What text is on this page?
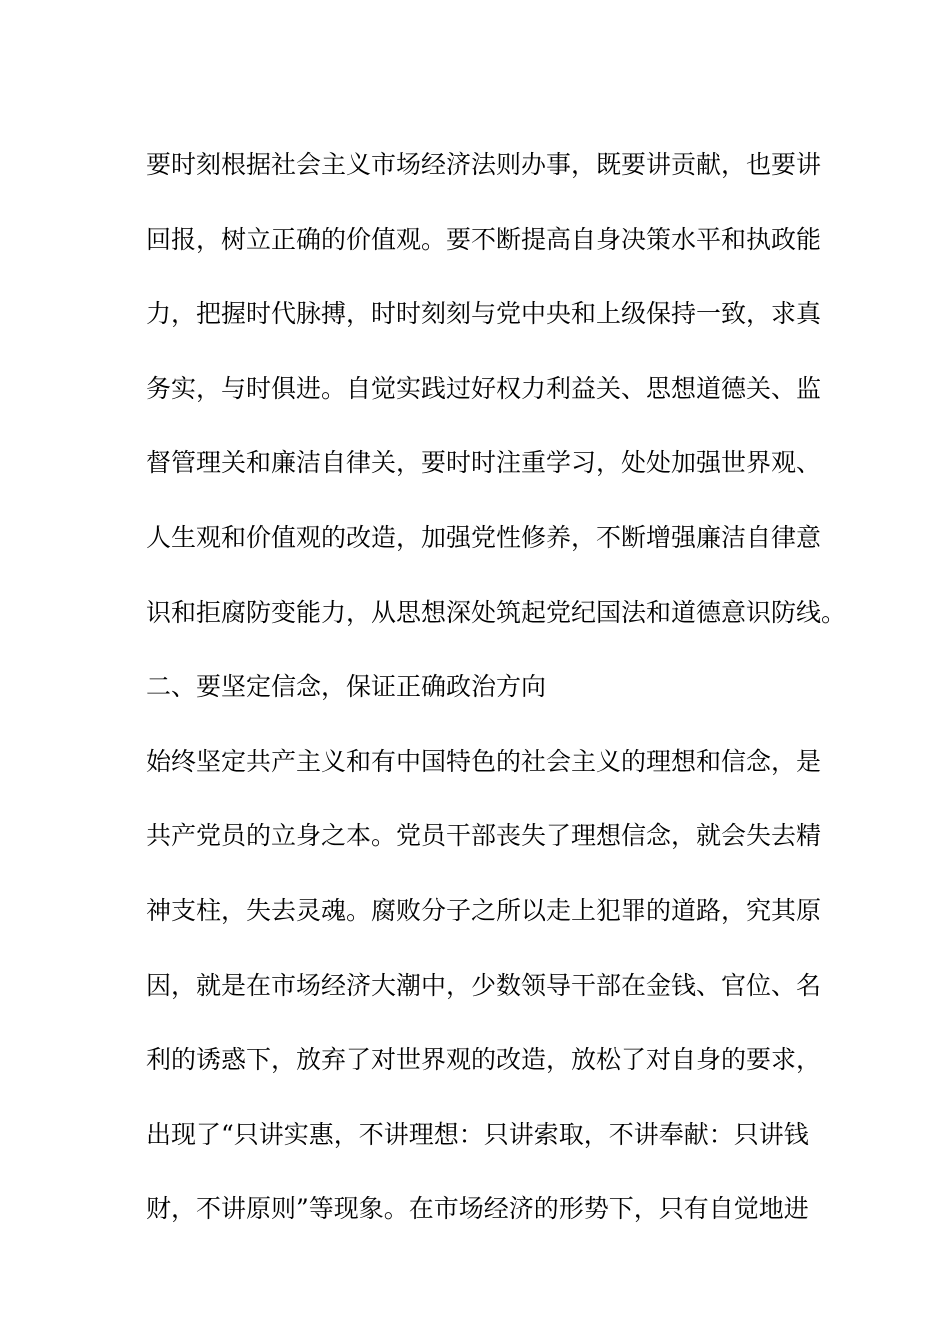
要时刻根据社会主义市场经济法则办事，既要讲贡献，也要讲
回报，树立正确的价值观。要不断提高自身决策水平和执政能
力，把握时代脉搏，时时刻刻与党中央和上级保持一致，求真
务实，与时俱进。自觉实践过好权力利益关、思想道德关、监
督管理关和廉洁自律关，要时时注重学习，处处加强世界观、
人生观和价值观的改造，加强党性修养，不断增强廉洁自律意
识和拒腐防变能力，从思想深处筑起党纪国法和道德意识防线。
二、要坚定信念，保证正确政治方向
始终坚定共产主义和有中国特色的社会主义的理想和信念，是
共产党员的立身之本。党员干部丧失了理想信念，就会失去精
神支柱，失去灵魂。腐败分子之所以走上犯罪的道路，究其原
因，就是在市场经济大潮中，少数领导干部在金钱、官位、名
利的诱惑下，放弃了对世界观的改造，放松了对自身的要求，
出现了“只讲实惠，不讲理想：只讲索取，不讲奉献：只讲钱
财，不讲原则”等现象。在市场经济的形势下，只有自觉地进
